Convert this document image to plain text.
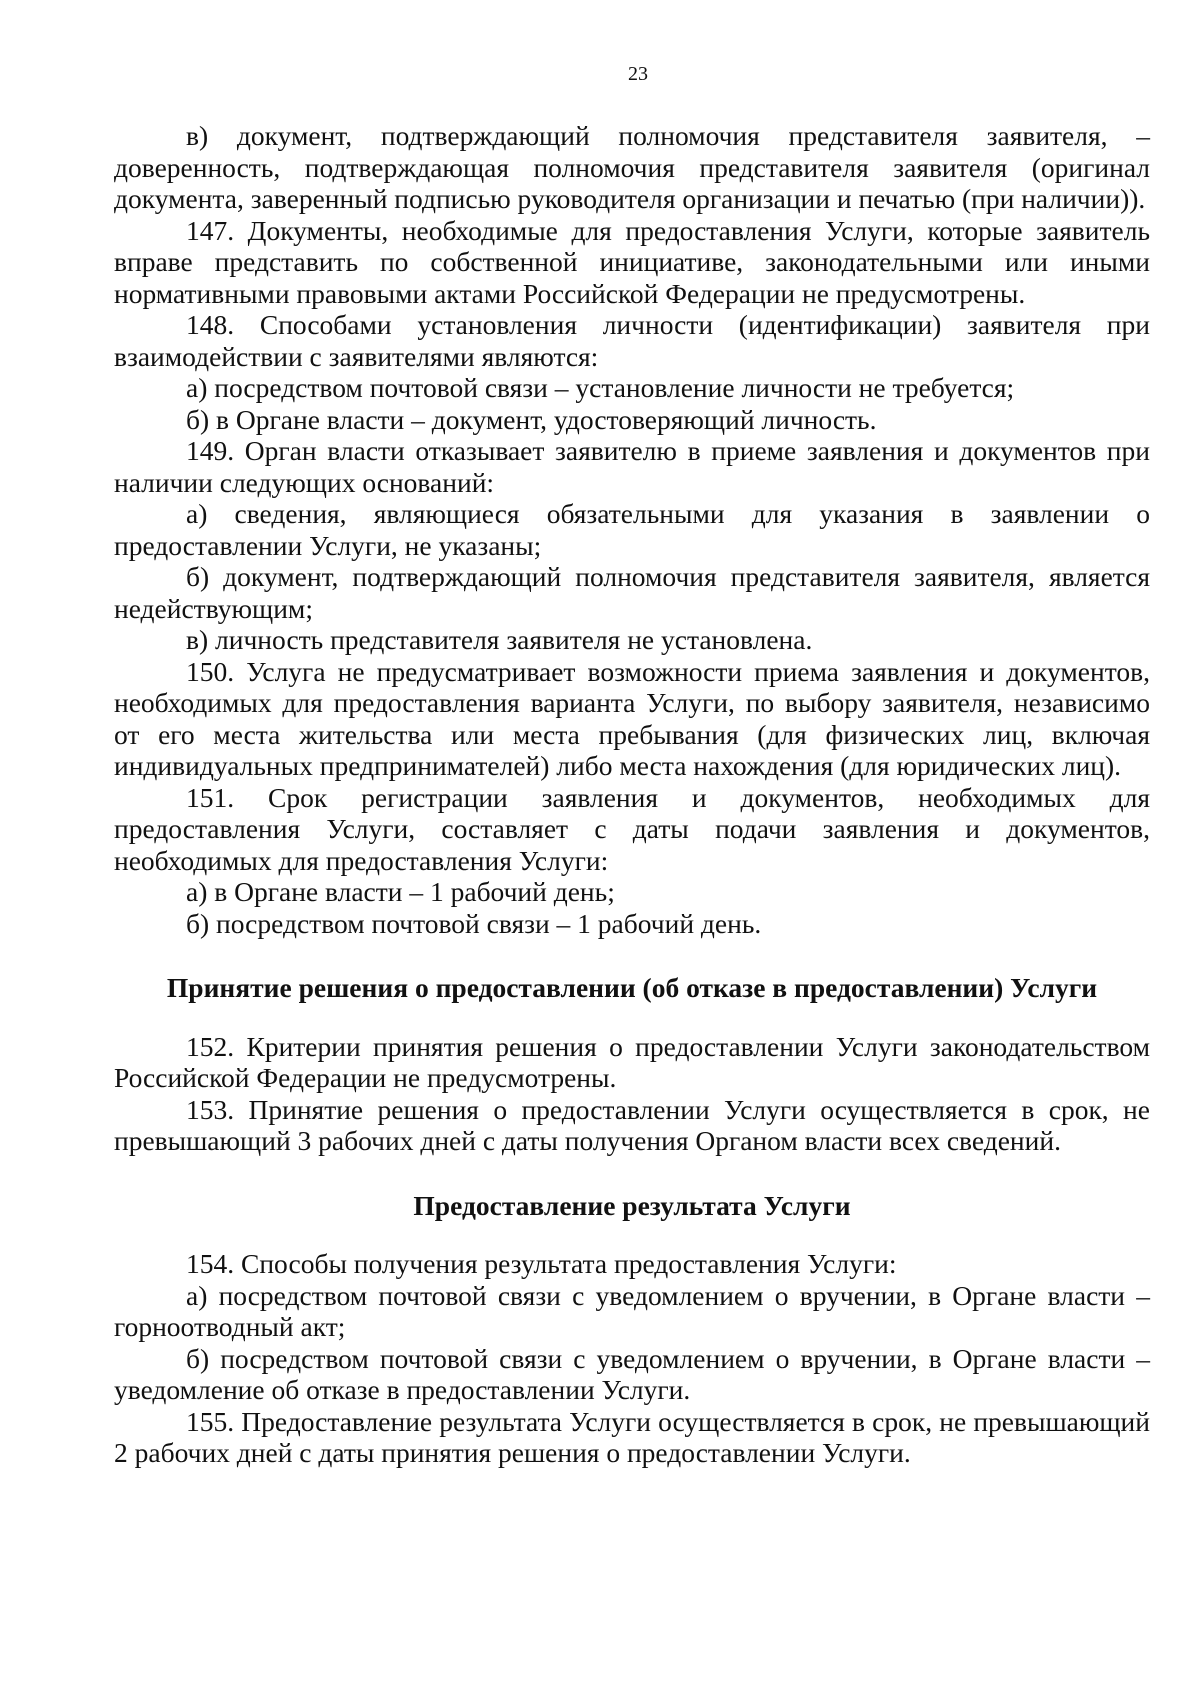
23

в) документ, подтверждающий полномочия представителя заявителя, – доверенность, подтверждающая полномочия представителя заявителя (оригинал документа, заверенный подписью руководителя организации и печатью (при наличии)).

147. Документы, необходимые для предоставления Услуги, которые заявитель вправе представить по собственной инициативе, законодательными или иными нормативными правовыми актами Российской Федерации не предусмотрены.

148. Способами установления личности (идентификации) заявителя при взаимодействии с заявителями являются:

а) посредством почтовой связи – установление личности не требуется;

б) в Органе власти – документ, удостоверяющий личность.

149. Орган власти отказывает заявителю в приеме заявления и документов при наличии следующих оснований:

а) сведения, являющиеся обязательными для указания в заявлении о предоставлении Услуги, не указаны;

б) документ, подтверждающий полномочия представителя заявителя, является недействующим;

в) личность представителя заявителя не установлена.

150. Услуга не предусматривает возможности приема заявления и документов, необходимых для предоставления варианта Услуги, по выбору заявителя, независимо от его места жительства или места пребывания (для физических лиц, включая индивидуальных предпринимателей) либо места нахождения (для юридических лиц).

151. Срок регистрации заявления и документов, необходимых для предоставления Услуги, составляет с даты подачи заявления и документов, необходимых для предоставления Услуги:

а) в Органе власти – 1 рабочий день;

б) посредством почтовой связи – 1 рабочий день.

Принятие решения о предоставлении (об отказе в предоставлении) Услуги

152. Критерии принятия решения о предоставлении Услуги законодательством Российской Федерации не предусмотрены.

153. Принятие решения о предоставлении Услуги осуществляется в срок, не превышающий 3 рабочих дней с даты получения Органом власти всех сведений.

Предоставление результата Услуги

154. Способы получения результата предоставления Услуги:

а) посредством почтовой связи с уведомлением о вручении, в Органе власти – горноотводный акт;

б) посредством почтовой связи с уведомлением о вручении, в Органе власти – уведомление об отказе в предоставлении Услуги.

155. Предоставление результата Услуги осуществляется в срок, не превышающий 2 рабочих дней с даты принятия решения о предоставлении Услуги.
